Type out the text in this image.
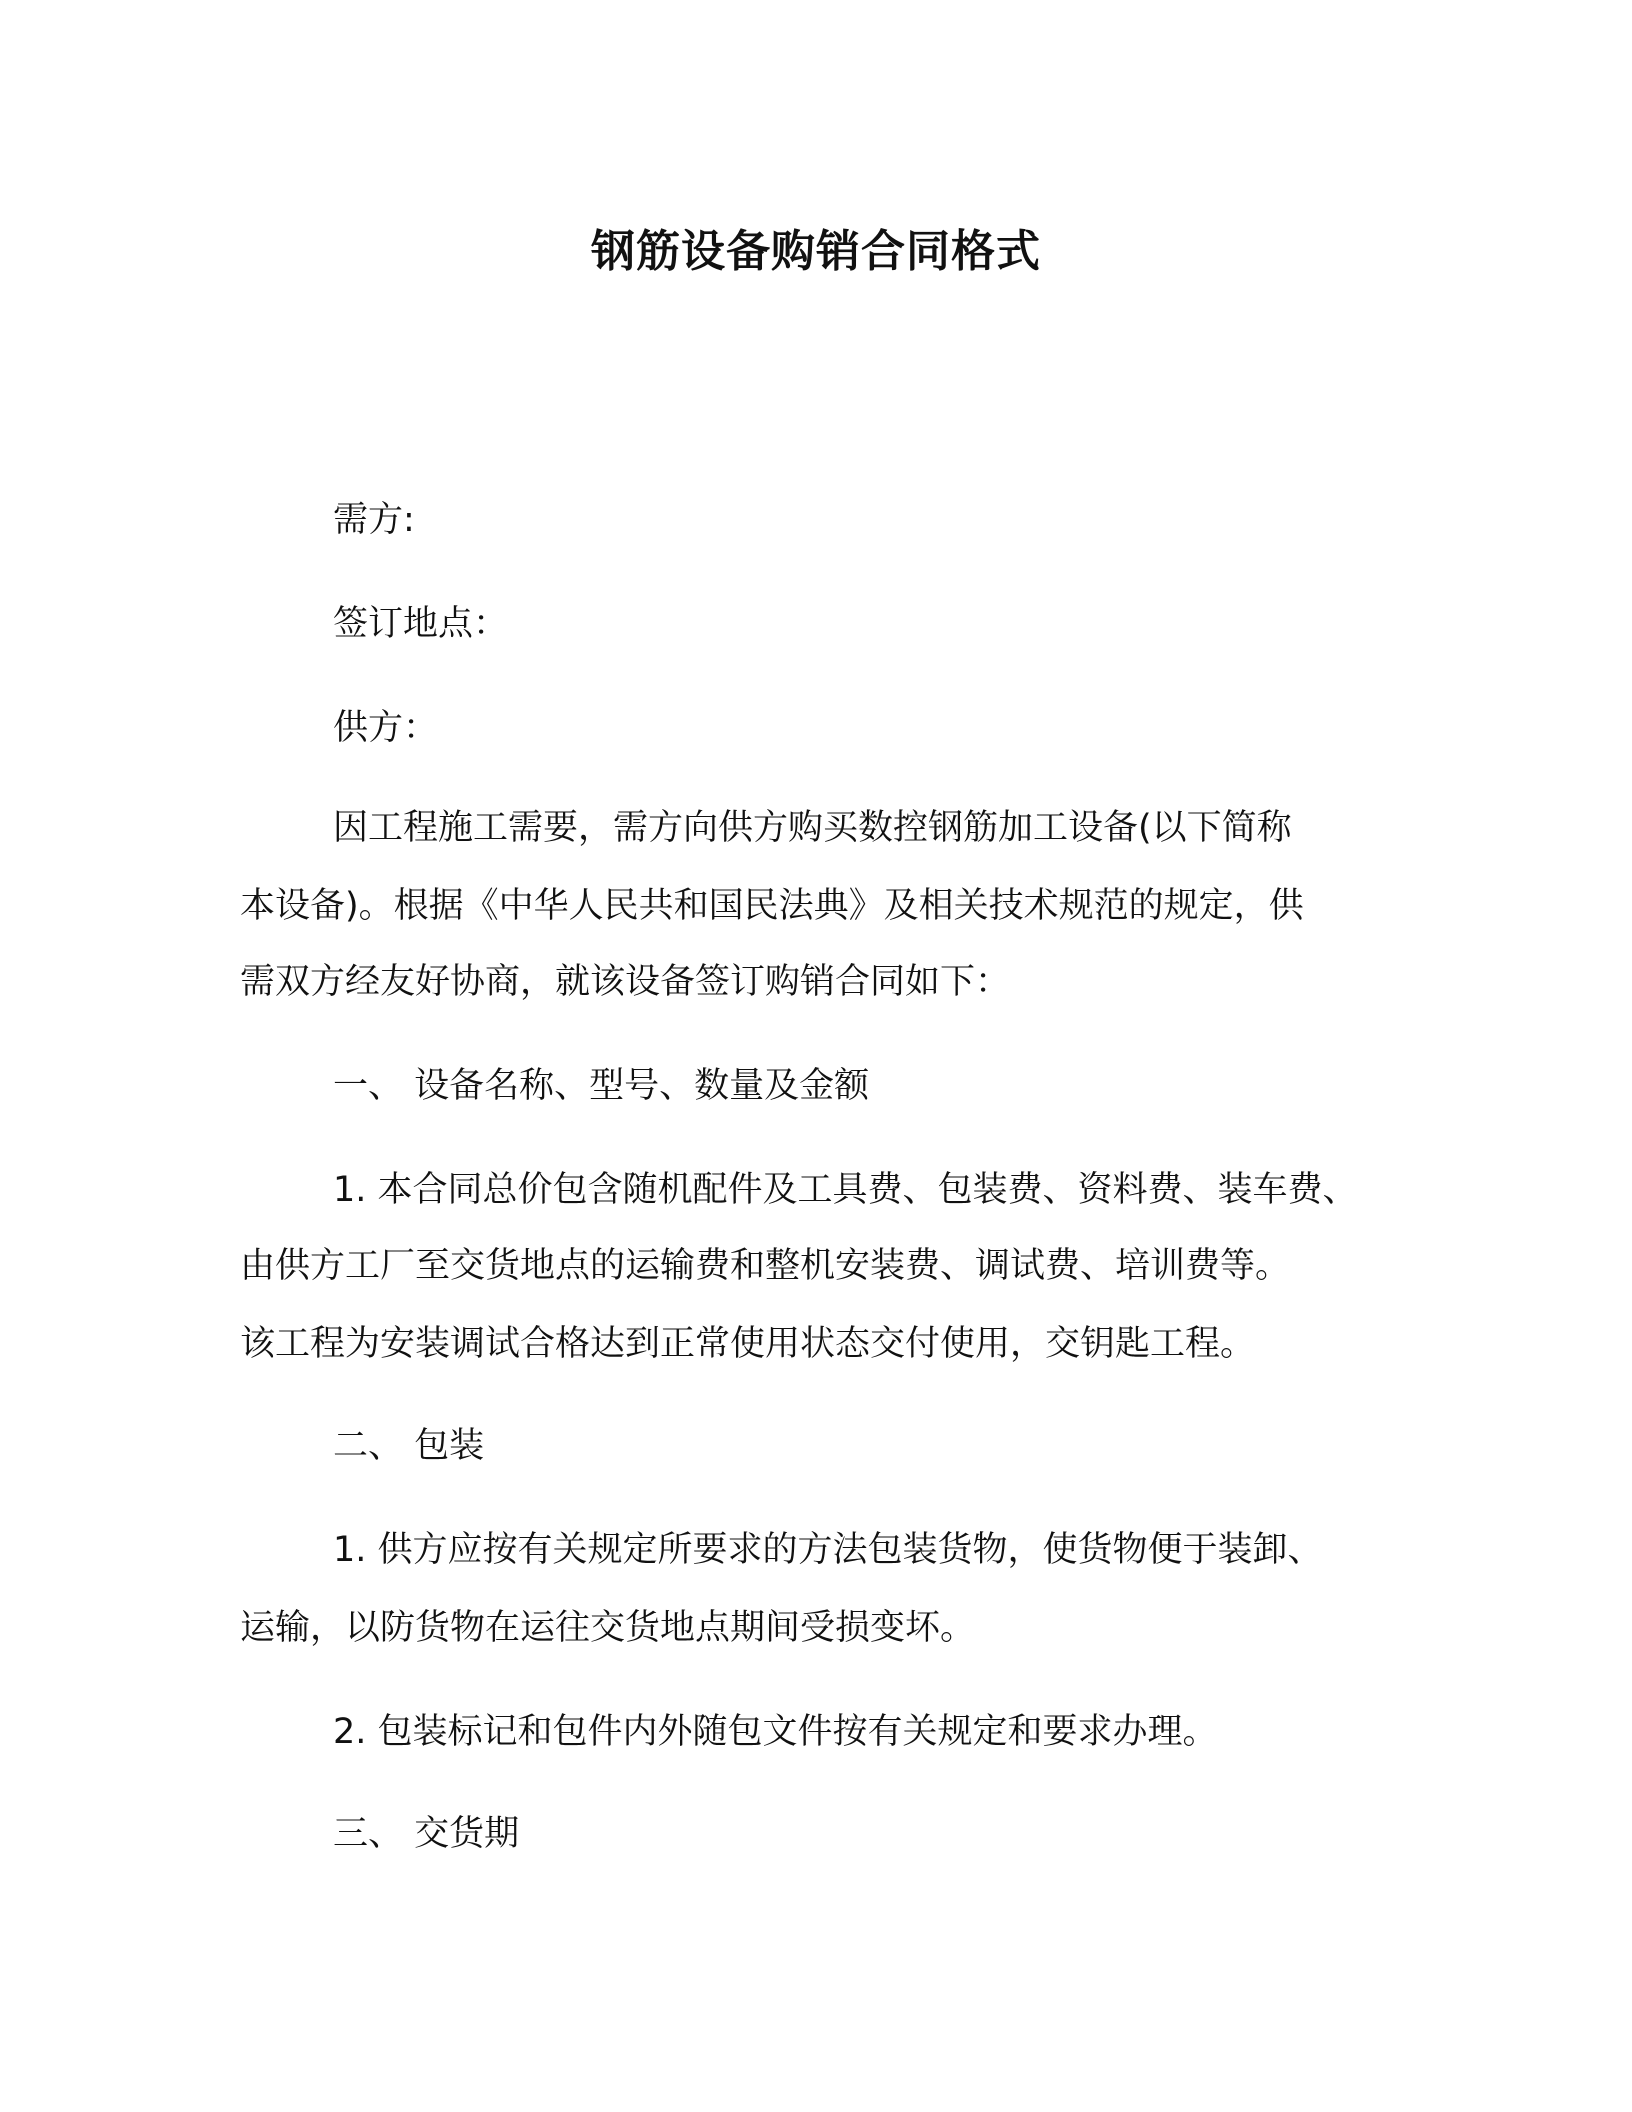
钢筋设备购销合同格式
需方:
签订地点：
供方：
因工程施工需要，需方向供方购买数控钢筋加工设备(以下简称
本设备)。根据《中华人民共和国民法典》及相关技术规范的规定，供
需双方经友好协商，就该设备签订购销合同如下：
一、 设备名称、型号、数量及金额
1. 本合同总价包含随机配件及工具费、包装费、资料费、装车费、
由供方工厂至交货地点的运输费和整机安装费、调试费、培训费等。
该工程为安装调试合格达到正常使用状态交付使用，交钥匙工程。
二、 包装
1. 供方应按有关规定所要求的方法包装货物，使货物便于装卸、
运输，以防货物在运往交货地点期间受损变坏。
2. 包装标记和包件内外随包文件按有关规定和要求办理。
三、 交货期
